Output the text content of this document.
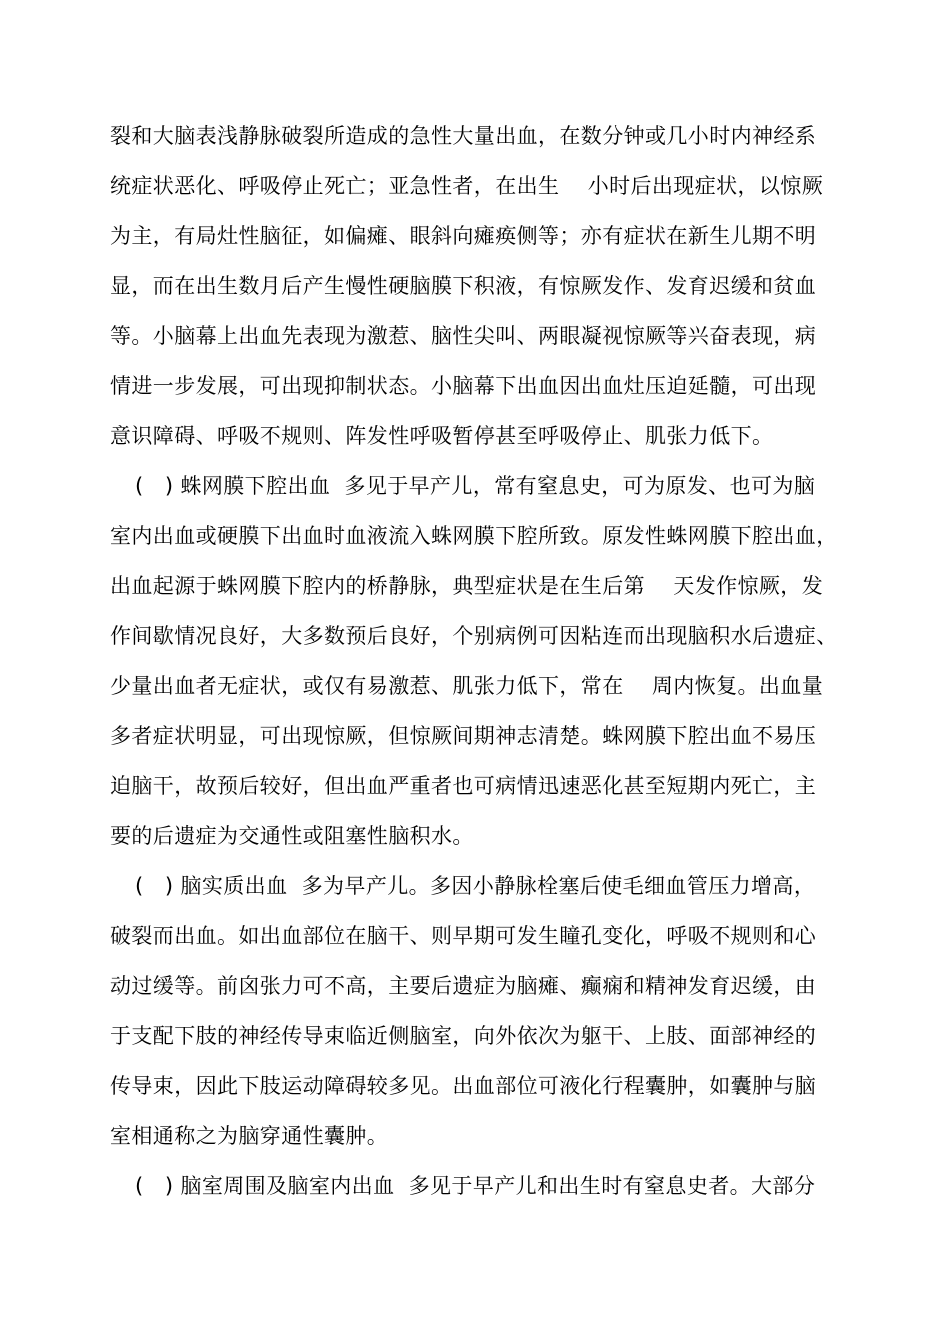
裂和大脑表浅静脉破裂所造成的急性大量出血，在数分钟或几小时内神经系
统症状恶化、呼吸停止死亡；亚急性者，在出生    小时后出现症状，以惊厥
为主，有局灶性脑征，如偏瘫、眼斜向瘫痪侧等；亦有症状在新生儿期不明
显，而在出生数月后产生慢性硬脑膜下积液，有惊厥发作、发育迟缓和贫血
等。小脑幕上出血先表现为激惹、脑性尖叫、两眼凝视惊厥等兴奋表现，病
情进一步发展，可出现抑制状态。小脑幕下出血因出血灶压迫延髓，可出现
意识障碍、呼吸不规则、阵发性呼吸暂停甚至呼吸停止、肌张力低下。
(   ) 蛛网膜下腔出血  多见于早产儿，常有窒息史，可为原发、也可为脑
室内出血或硬膜下出血时血液流入蛛网膜下腔所致。原发性蛛网膜下腔出血，
出血起源于蛛网膜下腔内的桥静脉，典型症状是在生后第    天发作惊厥，发
作间歇情况良好，大多数预后良好，个别病例可因粘连而出现脑积水后遗症、
少量出血者无症状，或仅有易激惹、肌张力低下，常在    周内恢复。出血量
多者症状明显，可出现惊厥，但惊厥间期神志清楚。蛛网膜下腔出血不易压
迫脑干，故预后较好，但出血严重者也可病情迅速恶化甚至短期内死亡，主
要的后遗症为交通性或阻塞性脑积水。
(   ) 脑实质出血  多为早产儿。多因小静脉栓塞后使毛细血管压力增高，
破裂而出血。如出血部位在脑干、则早期可发生瞳孔变化，呼吸不规则和心
动过缓等。前囟张力可不高，主要后遗症为脑瘫、癫痫和精神发育迟缓，由
于支配下肢的神经传导束临近侧脑室，向外依次为躯干、上肢、面部神经的
传导束，因此下肢运动障碍较多见。出血部位可液化行程囊肿，如囊肿与脑
室相通称之为脑穿通性囊肿。
(   ) 脑室周围及脑室内出血  多见于早产儿和出生时有窒息史者。大部分
